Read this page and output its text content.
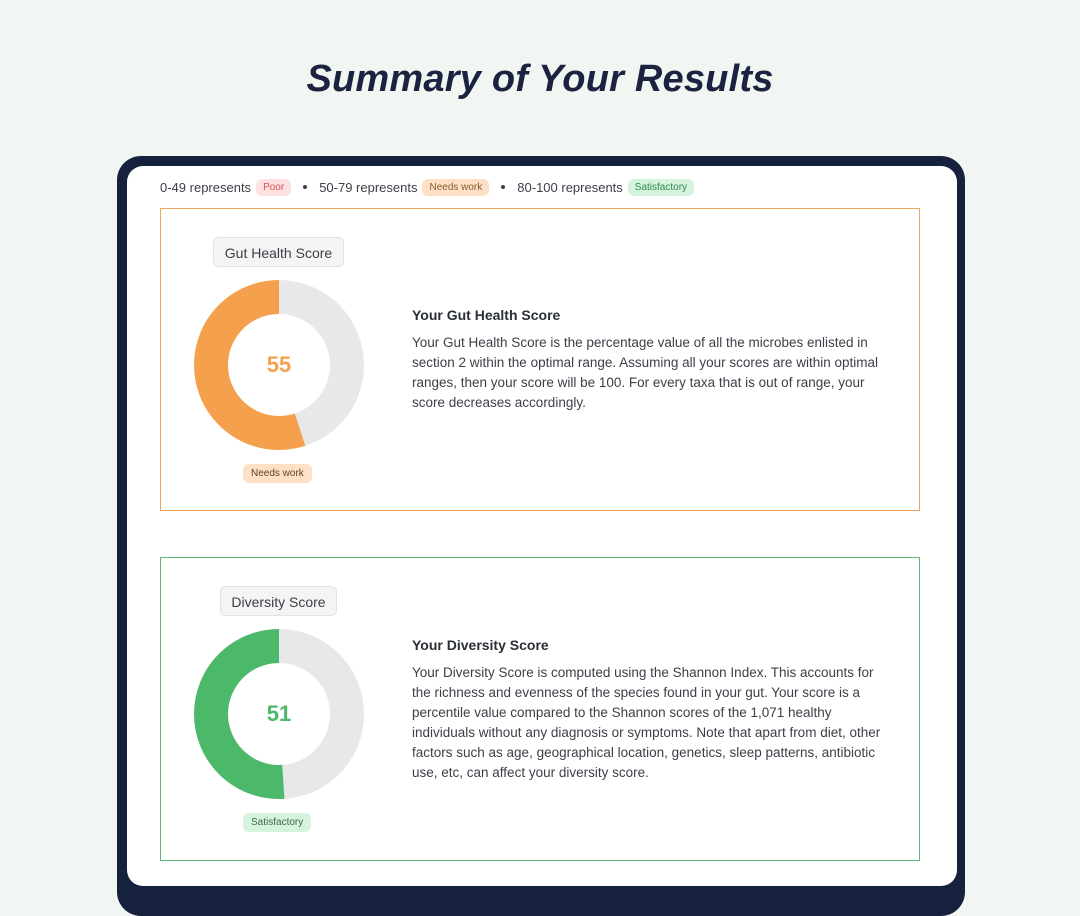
Summary of Your Results
0-49 represents	Poor	50-79 represents	Needs work	80-100 represents	Satisfactory
Gut Health Score
55
Needs work
Your Gut Health Score
Your Gut Health Score is the percentage value of all the microbes enlisted in section 2 within the optimal range. Assuming all your scores are within optimal ranges, then your score will be 100. For every taxa that is out of range, your score decreases accordingly.
Diversity Score
51
Satisfactory
Your Diversity Score
Your Diversity Score is computed using the Shannon Index. This accounts for the richness and evenness of the species found in your gut. Your score is a percentile value compared to the Shannon scores of the 1,071 healthy individuals without any diagnosis or symptoms. Note that apart from diet, other factors such as age, geographical location, genetics, sleep patterns, antibiotic use, etc, can affect your diversity score.
